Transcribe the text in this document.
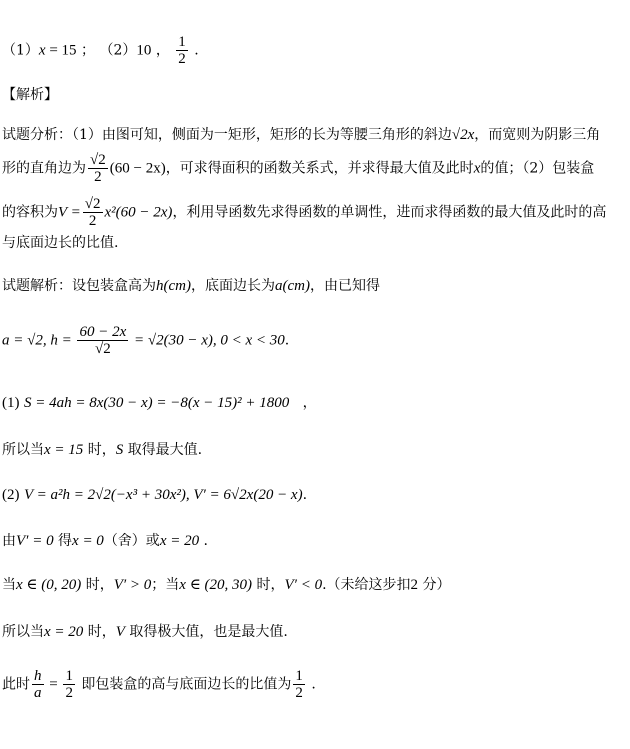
（1）x = 15 ； （2）10 ， $\frac{1}{2}$ .
【解析】
试题分析：（1）由图可知，侧面为一矩形，矩形的长为等腰三角形的斜边√2x，而宽则为阴影三角
形的直角边为 $\frac{√2}{2} (60 - 2x)$，可求得面积的函数关系式，并求得最大值及此时x的值；（2）包装盒
的容积为$V = \frac{√2}{2} x^2(60 - 2x)$，利用导函数先求得函数的单调性，进而求得函数的最大值及此时的高
与底面边长的比值.
试题解析：设包装盒高为h(cm)，底面边长为a(cm)，由已知得
a = √2, $h = \frac{60 - 2x}{√2} = √2(30 - x)$, 0 < x < 30.
(1) S = 4ah = 8x(30 − x) = −8(x − 15)² + 1800 ，
所以当x = 15 时，S 取得最大值.
(2) V = a²h = 2√2(−x³ + 30x²), V′ = 6√2x(20 − x).
由V′ = 0 得x = 0（舍）或x = 20 .
当x ∈ (0, 20) 时，V′ > 0；当x ∈ (20, 30) 时，V′ < 0.（未给这步扣2 分）
所以当x = 20 时，V 取得极大值，也是最大值.
此时 $\frac{h}{a} = \frac{1}{2}$ 即包装盒的高与底面边长的比值为 $\frac{1}{2}$ .
